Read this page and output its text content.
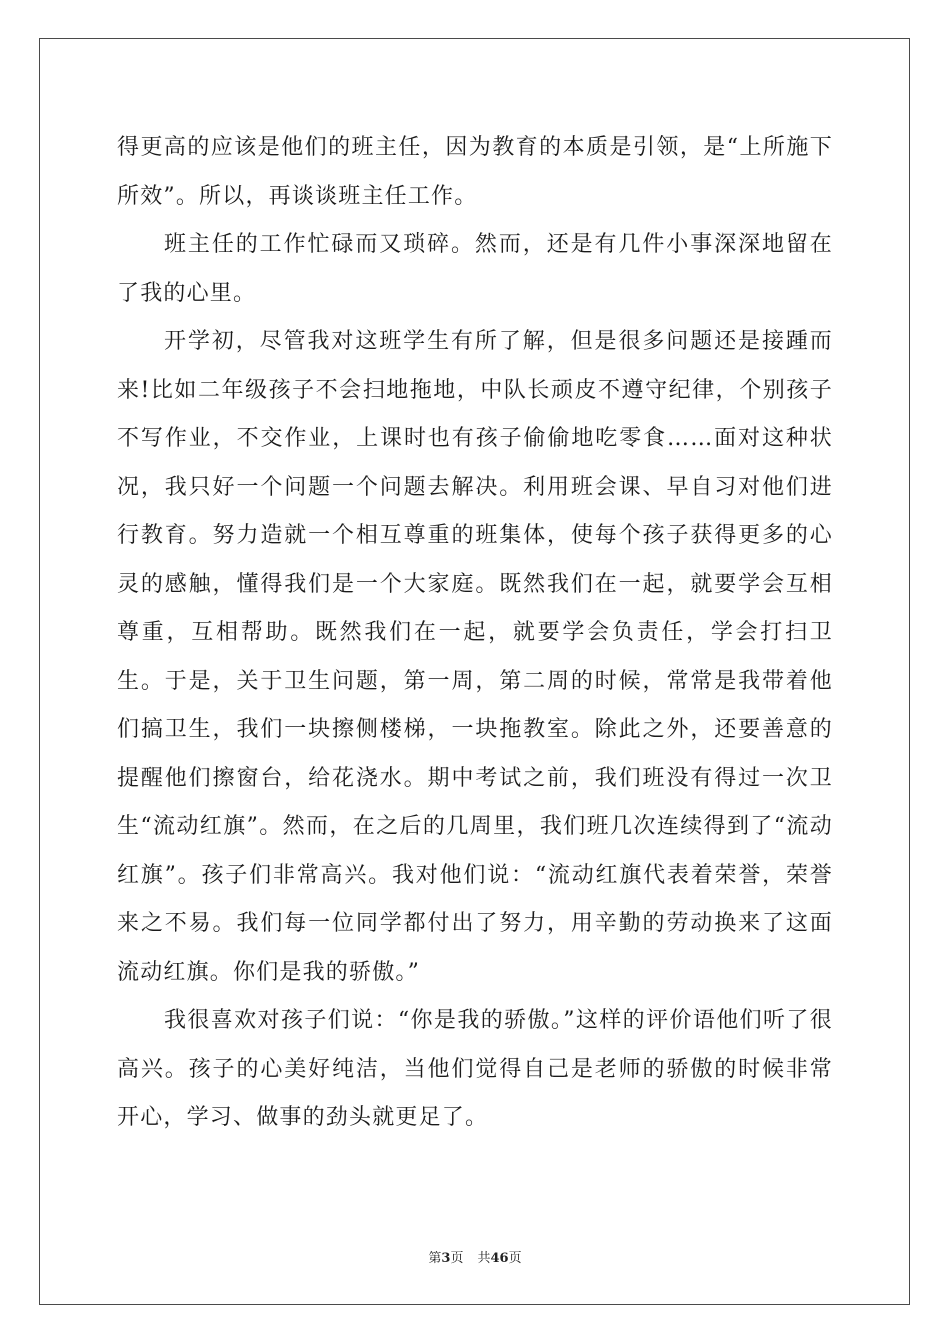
得更高的应该是他们的班主任，因为教育的本质是引领，是“上所施下所效”。所以，再谈谈班主任工作。

班主任的工作忙碌而又琐碎。然而，还是有几件小事深深地留在了我的心里。

开学初，尽管我对这班学生有所了解，但是很多问题还是接踵而来!比如二年级孩子不会扫地拖地，中队长顽皮不遵守纪律，个别孩子不写作业，不交作业，上课时也有孩子偷偷地吃零食……面对这种状况，我只好一个问题一个问题去解决。利用班会课、早自习对他们进行教育。努力造就一个相互尊重的班集体，使每个孩子获得更多的心灵的感触，懂得我们是一个大家庭。既然我们在一起，就要学会互相尊重，互相帮助。既然我们在一起，就要学会负责任，学会打扫卫生。于是，关于卫生问题，第一周，第二周的时候，常常是我带着他们搞卫生，我们一块擦侧楼梯，一块拖教室。除此之外，还要善意的提醒他们擦窗台，给花浇水。期中考试之前，我们班没有得过一次卫生“流动红旗”。然而，在之后的几周里，我们班几次连续得到了“流动红旗”。孩子们非常高兴。我对他们说：“流动红旗代表着荣誉，荣誉来之不易。我们每一位同学都付出了努力，用辛勤的劳动换来了这面流动红旗。你们是我的骄傲。”

我很喜欢对孩子们说：“你是我的骄傲。”这样的评价语他们听了很高兴。孩子的心美好纯洁，当他们觉得自己是老师的骄傲的时候非常开心，学习、做事的劲头就更足了。

第3页 共46页
